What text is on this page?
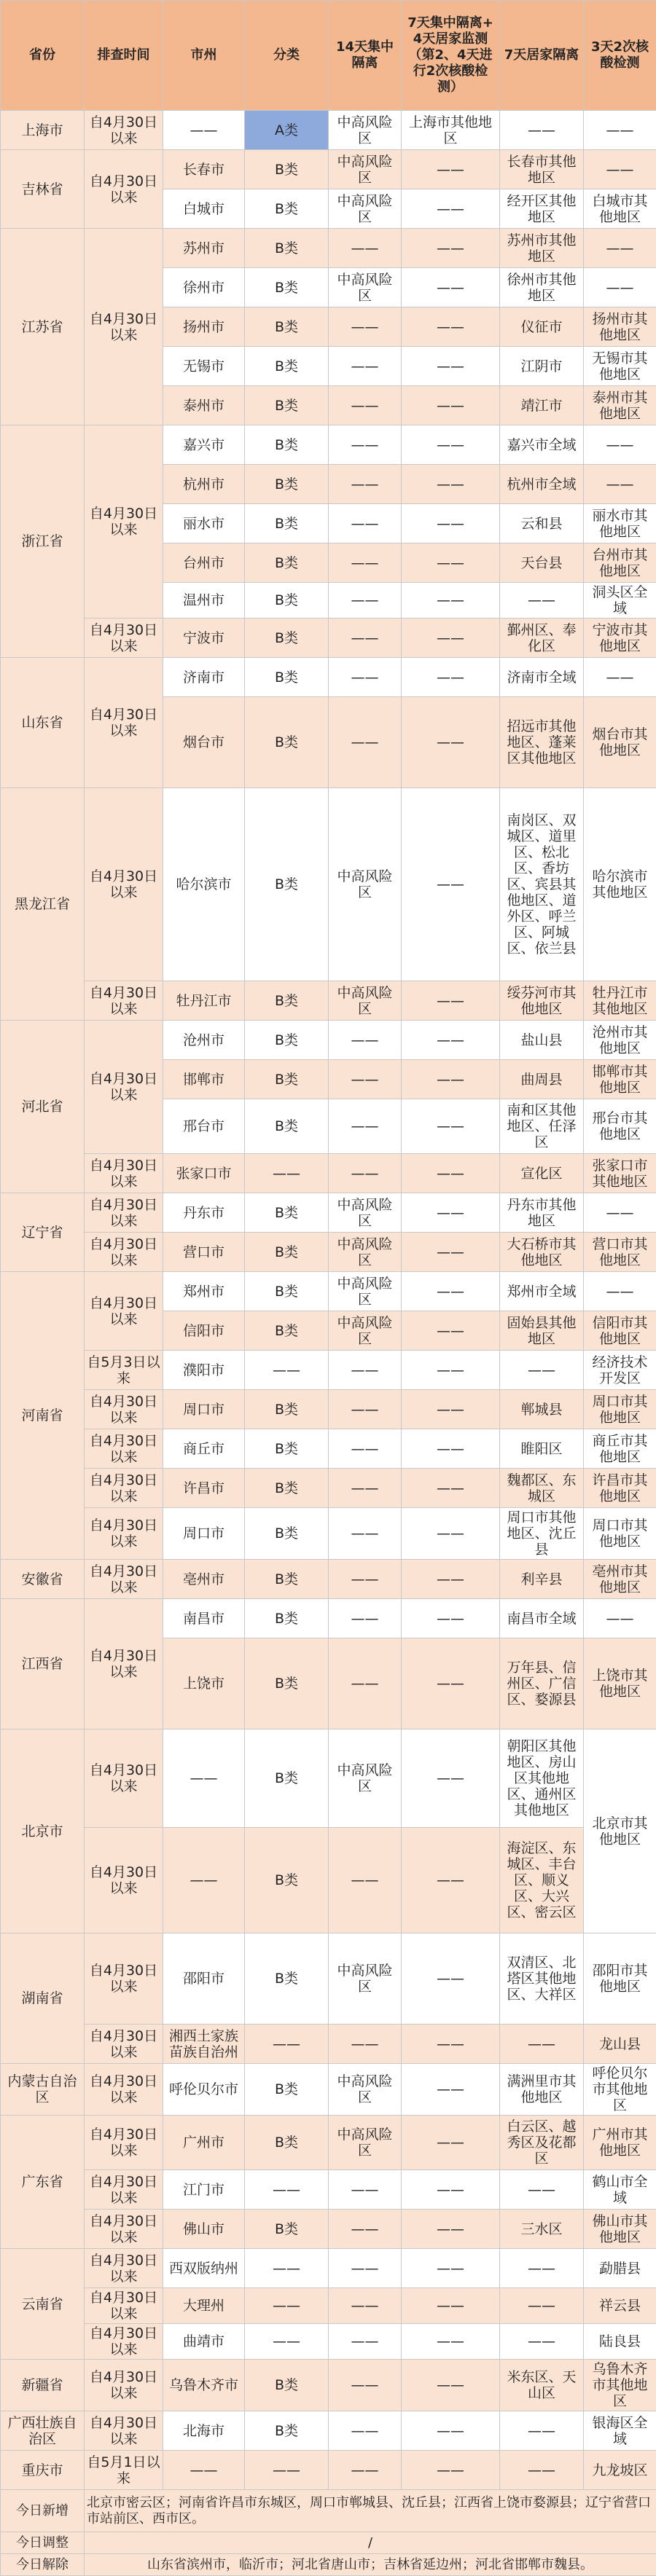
省份	排查时间	市州	分类	14天集中隔离	7天集中隔离+4天居家监测（第2、4天进行2次核酸检测）	7天居家隔离	3天2次核酸检测
上海市	自4月30日以来	——	A类	中高风险区	上海市其他地区	——	——
吉林省	自4月30日以来	长春市	B类	中高风险区	——	长春市其他地区	——
		白城市	B类	中高风险区	——	经开区其他地区	白城市其他地区
江苏省	自4月30日以来	苏州市	B类	——	——	苏州市其他地区	——
		徐州市	B类	中高风险区	——	徐州市其他地区	——
		扬州市	B类	——	——	仪征市	扬州市其他地区
		无锡市	B类	——	——	江阴市	无锡市其他地区
		泰州市	B类	——	——	靖江市	泰州市其他地区
浙江省	自4月30日以来	嘉兴市	B类	——	——	嘉兴市全域	——
		杭州市	B类	——	——	杭州市全域	——
		丽水市	B类	——	——	云和县	丽水市其他地区
		台州市	B类	——	——	天台县	台州市其他地区
		温州市	B类	——	——	——	洞头区全域
	自4月30日以来	宁波市	B类	——	——	鄞州区、奉化区	宁波市其他地区
山东省	自4月30日以来	济南市	B类	——	——	济南市全域	——
		烟台市	B类	——	——	招远市其他地区、蓬莱区其他地区	烟台市其他地区
黑龙江省	自4月30日以来	哈尔滨市	B类	中高风险区	——	南岗区、双城区、道里区、松北区、香坊区、宾县其他地区、道外区、呼兰区、阿城区、依兰县	哈尔滨市其他地区
	自4月30日以来	牡丹江市	B类	中高风险区	——	绥芬河市其他地区	牡丹江市其他地区
河北省	自4月30日以来	沧州市	B类	——	——	盐山县	沧州市其他地区
		邯郸市	B类	——	——	曲周县	邯郸市其他地区
		邢台市	B类	——	——	南和区其他地区、任泽区	邢台市其他地区
	自4月30日以来	张家口市	——	——	——	宣化区	张家口市其他地区
辽宁省	自4月30日以来	丹东市	B类	中高风险区	——	丹东市其他地区	——
	自4月30日以来	营口市	B类	中高风险区	——	大石桥市其他地区	营口市其他地区
河南省	自4月30日以来	郑州市	B类	中高风险区	——	郑州市全域	——
		信阳市	B类	中高风险区	——	固始县其他地区	信阳市其他地区
	自5月3日以来	濮阳市	——	——	——	——	经济技术开发区
	自4月30日以来	周口市	B类	——	——	郸城县	周口市其他地区
	自4月30日以来	商丘市	B类	——	——	睢阳区	商丘市其他地区
	自4月30日以来	许昌市	B类	——	——	魏都区、东城区	许昌市其他地区
	自4月30日以来	周口市	B类	——	——	周口市其他地区、沈丘县	周口市其他地区
安徽省	自4月30日以来	亳州市	B类	——	——	利辛县	亳州市其他地区
江西省	自4月30日以来	南昌市	B类	——	——	南昌市全域	——
		上饶市	B类	——	——	万年县、信州区、广信区、婺源县	上饶市其他地区
北京市	自4月30日以来	——	B类	中高风险区	——	朝阳区其他地区、房山区其他地区、通州区其他地区	北京市其他地区
	自4月30日以来	——	B类	——	——	海淀区、东城区、丰台区、顺义区、大兴区、密云区	
湖南省	自4月30日以来	邵阳市	B类	中高风险区	——	双清区、北塔区其他地区、大祥区	邵阳市其他地区
	自4月30日以来	湘西土家族苗族自治州	——	——	——	——	龙山县
内蒙古自治区	自4月30日以来	呼伦贝尔市	B类	中高风险区	——	满洲里市其他地区	呼伦贝尔市其他地区
广东省	自4月30日以来	广州市	B类	中高风险区	——	白云区、越秀区及花都区	广州市其他地区
	自4月30日以来	江门市	——	——	——	——	鹤山市全域
	自4月30日以来	佛山市	B类	——	——	三水区	佛山市其他地区
云南省	自4月30日以来	西双版纳州	——	——	——	——	勐腊县
	自4月30日以来	大理州	——	——	——	——	祥云县
	自4月30日以来	曲靖市	——	——	——	——	陆良县
新疆省	自4月30日以来	乌鲁木齐市	B类	——	——	米东区、天山区	乌鲁木齐市其他地区
广西壮族自治区	自4月30日以来	北海市	B类	——	——	——	银海区全域
重庆市	自5月1日以来	——	——	——	——	——	九龙坡区
今日新增	北京市密云区；河南省许昌市东城区，周口市郸城县、沈丘县；江西省上饶市婺源县；辽宁省营口市站前区、西市区。						
今日调整	/						
今日解除	山东省滨州市，临沂市；河北省唐山市；吉林省延边州；河北省邯郸市魏县。						
